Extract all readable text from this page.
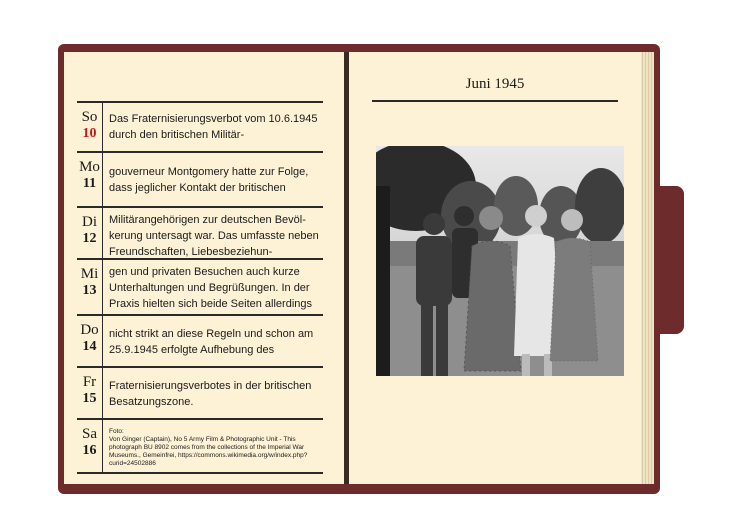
So
10
Das Fraternisierungsverbot vom 10.6.1945 durch den britischen Militär-
Mo
11
gouverneur Montgomery hatte zur Folge, dass jeglicher Kontakt der britischen
Di
12
Militärangehörigen zur deutschen Bevöl-kerung untersagt war. Das umfasste neben Freundschaften, Liebesbeziehun-
Mi
13
gen und privaten Besuchen auch kurze Unterhaltungen und Begrüßungen. In der Praxis hielten sich beide Seiten allerdings
Do
14
nicht strikt an diese Regeln und schon am 25.9.1945 erfolgte Aufhebung des
Fr
15
Fraternisierungsverbotes in der britischen Besatzungszone.
Sa
16
Foto:
Von Ginger (Captain), No 5 Army Film & Photographic Unit - This photograph BU 8902 comes from the collections of the Imperial War Museums., Gemeinfrei, https://commons.wikimedia.org/w/index.php?curid=24502886
Juni 1945
